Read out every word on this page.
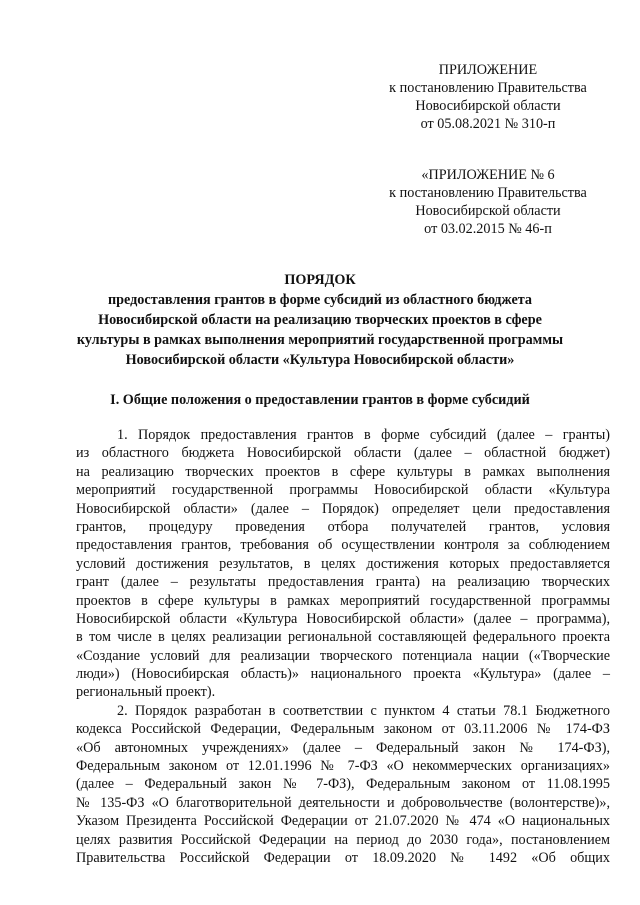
ПРИЛОЖЕНИЕ
к постановлению Правительства
Новосибирской области
от 05.08.2021 № 310-п
«ПРИЛОЖЕНИЕ № 6
к постановлению Правительства
Новосибирской области
от 03.02.2015 № 46-п
ПОРЯДОК
предоставления грантов в форме субсидий из областного бюджета
Новосибирской области на реализацию творческих проектов в сфере
культуры в рамках выполнения мероприятий государственной программы
Новосибирской области «Культура Новосибирской области»
I. Общие положения о предоставлении грантов в форме субсидий
1. Порядок предоставления грантов в форме субсидий (далее – гранты)
из областного бюджета Новосибирской области (далее – областной бюджет)
на реализацию творческих проектов в сфере культуры в рамках выполнения
мероприятий государственной программы Новосибирской области «Культура
Новосибирской области» (далее – Порядок) определяет цели предоставления
грантов, процедуру проведения отбора получателей грантов, условия
предоставления грантов, требования об осуществлении контроля за соблюдением
условий достижения результатов, в целях достижения которых предоставляется
грант (далее – результаты предоставления гранта) на реализацию творческих
проектов в сфере культуры в рамках мероприятий государственной программы
Новосибирской области «Культура Новосибирской области» (далее – программа),
в том числе в целях реализации региональной составляющей федерального проекта
«Создание условий для реализации творческого потенциала нации («Творческие
люди») (Новосибирская область)» национального проекта «Культура» (далее –
региональный проект).
2. Порядок разработан в соответствии с пунктом 4 статьи 78.1 Бюджетного
кодекса Российской Федерации, Федеральным законом от 03.11.2006 № 174-ФЗ
«Об автономных учреждениях» (далее – Федеральный закон № 174-ФЗ),
Федеральным законом от 12.01.1996 № 7-ФЗ «О некоммерческих организациях»
(далее – Федеральный закон № 7-ФЗ), Федеральным законом от 11.08.1995
№ 135-ФЗ «О благотворительной деятельности и добровольчестве (волонтерстве)»,
Указом Президента Российской Федерации от 21.07.2020 № 474 «О национальных
целях развития Российской Федерации на период до 2030 года», постановлением
Правительства Российской Федерации от 18.09.2020 № 1492 «Об общих
